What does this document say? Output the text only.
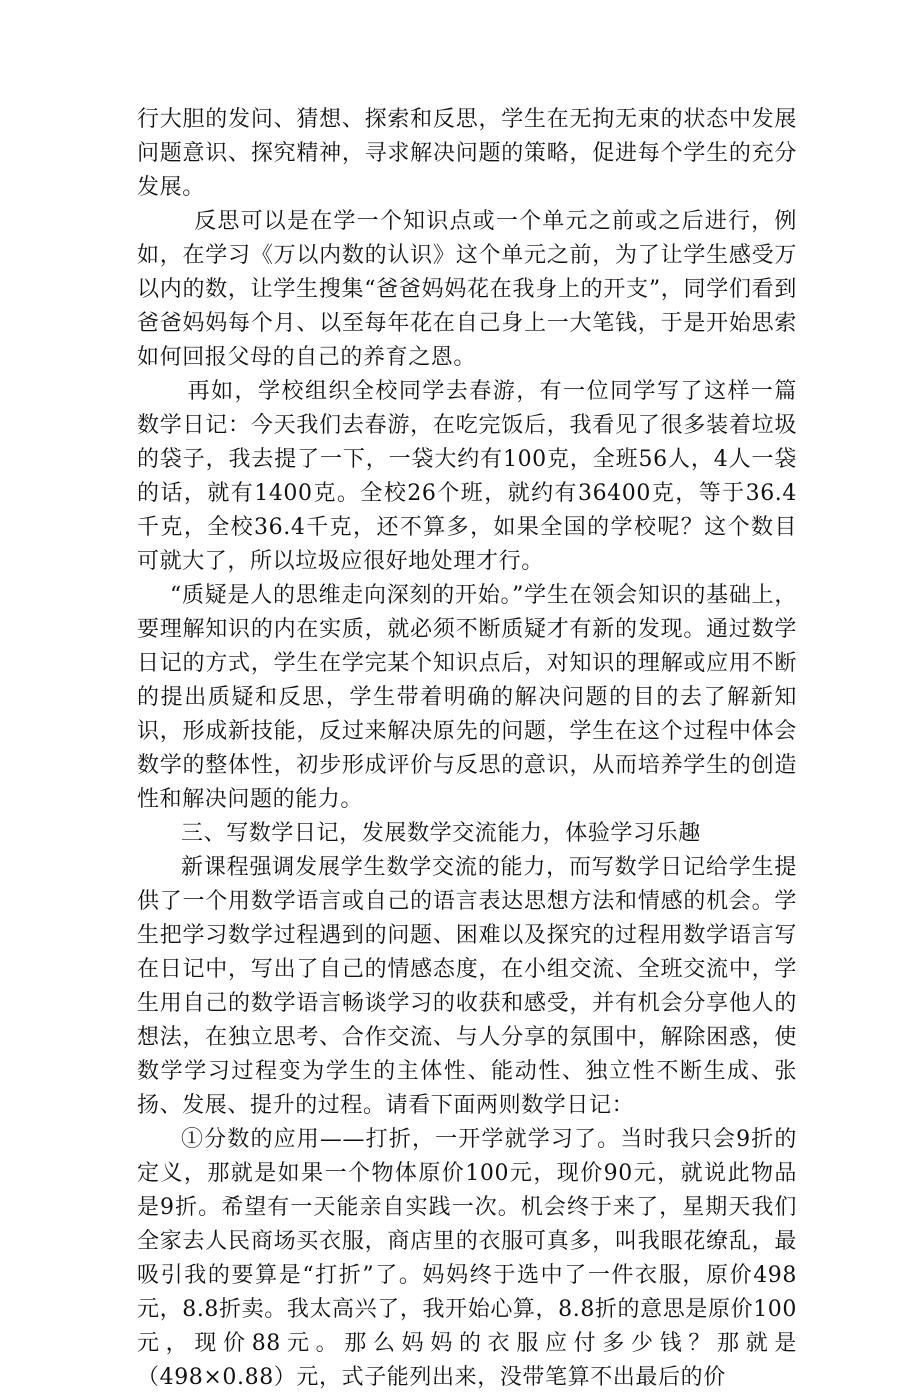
行大胆的发问、猜想、探索和反思，学生在无拘无束的状态中发展问题意识、探究精神，寻求解决问题的策略，促进每个学生的充分发展。

反思可以是在学一个知识点或一个单元之前或之后进行，例如，在学习《万以内数的认识》这个单元之前，为了让学生感受万以内的数，让学生搜集“爸爸妈妈花在我身上的开支”，同学们看到爸爸妈妈每个月、以至每年花在自己身上一大笔钱，于是开始思索如何回报父母的自己的养育之恩。

再如，学校组织全校同学去春游，有一位同学写了这样一篇数学日记：今天我们去春游，在吃完饭后，我看见了很多装着垃圾的袋子，我去提了一下，一袋大约有100克，全班56人，4人一袋的话，就有1400克。全校26个班，就约有36400克，等于36.4千克，全校36.4千克，还不算多，如果全国的学校呢？这个数目可就大了，所以垃圾应很好地处理才行。

“质疑是人的思维走向深刻的开始。”学生在领会知识的基础上，要理解知识的内在实质，就必须不断质疑才有新的发现。通过数学日记的方式，学生在学完某个知识点后，对知识的理解或应用不断的提出质疑和反思，学生带着明确的解决问题的目的去了解新知识，形成新技能，反过来解决原先的问题，学生在这个过程中体会数学的整体性，初步形成评价与反思的意识，从而培养学生的创造性和解决问题的能力。

三、写数学日记，发展数学交流能力，体验学习乐趣

新课程强调发展学生数学交流的能力，而写数学日记给学生提供了一个用数学语言或自己的语言表达思想方法和情感的机会。学生把学习数学过程遇到的问题、困难以及探究的过程用数学语言写在日记中，写出了自己的情感态度，在小组交流、全班交流中，学生用自己的数学语言畅谈学习的收获和感受，并有机会分享他人的想法，在独立思考、合作交流、与人分享的氛围中，解除困惑，使数学学习过程变为学生的主体性、能动性、独立性不断生成、张扬、发展、提升的过程。请看下面两则数学日记：

①分数的应用——打折，一开学就学习了。当时我只会9折的定义，那就是如果一个物体原价100元，现价90元，就说此物品是9折。希望有一天能亲自实践一次。机会终于来了，星期天我们全家去人民商场买衣服，商店里的衣服可真多，叫我眼花缭乱，最吸引我的要算是“打折”了。妈妈终于选中了一件衣服，原价498元，8.8折卖。我太高兴了，我开始心算，8.8折的意思是原价100元，现价88元。那么妈妈的衣服应付多少钱？那就是（498×0.88）元，式子能列出来，没带笔算不出最后的价
